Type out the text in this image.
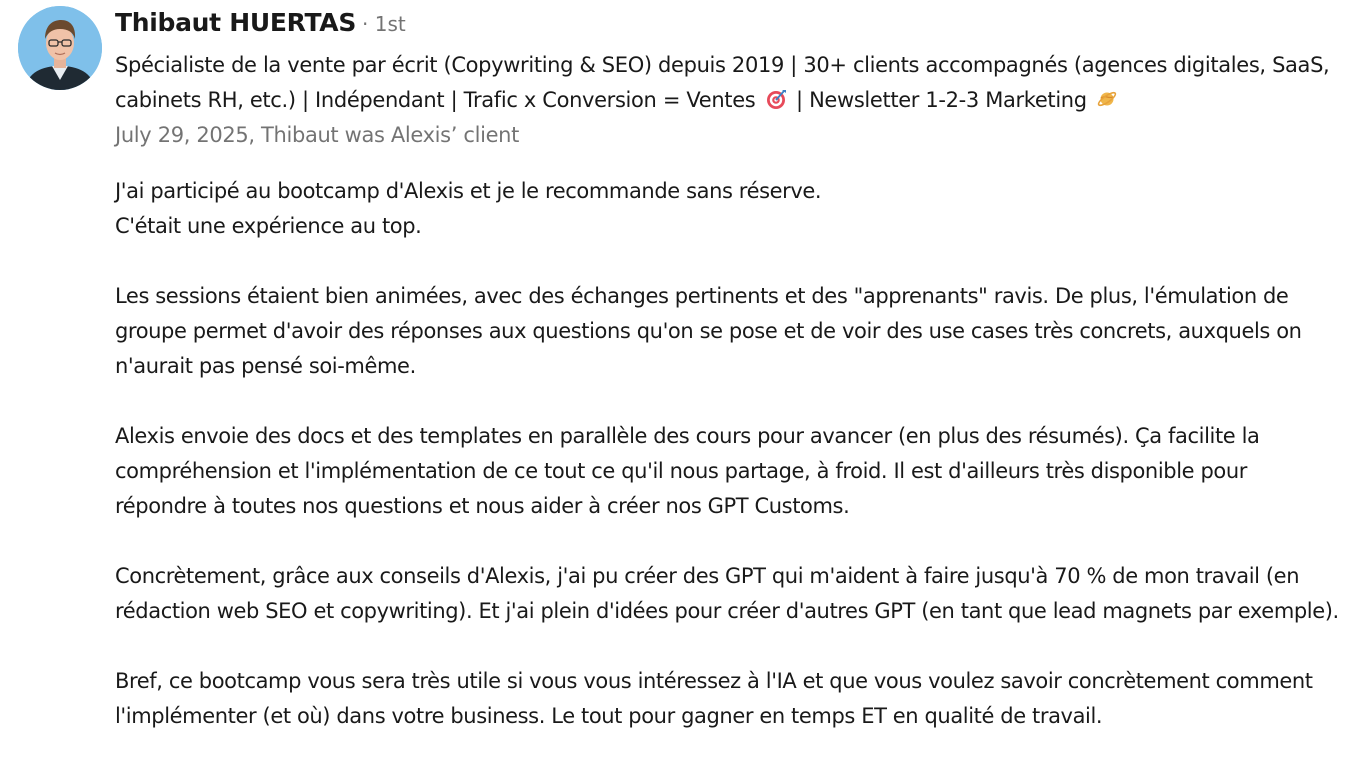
Thibaut HUERTAS · 1st
Spécialiste de la vente par écrit (Copywriting & SEO) depuis 2019 | 30+ clients accompagnés (agences digitales, SaaS, cabinets RH, etc.) | Indépendant | Trafic x Conversion = Ventes | Newsletter 1-2-3 Marketing
July 29, 2025, Thibaut was Alexis’ client

J'ai participé au bootcamp d'Alexis et je le recommande sans réserve.
C'était une expérience au top.

Les sessions étaient bien animées, avec des échanges pertinents et des "apprenants" ravis. De plus, l'émulation de groupe permet d'avoir des réponses aux questions qu'on se pose et de voir des use cases très concrets, auxquels on n'aurait pas pensé soi-même.

Alexis envoie des docs et des templates en parallèle des cours pour avancer (en plus des résumés). Ça facilite la compréhension et l'implémentation de ce tout ce qu'il nous partage, à froid. Il est d'ailleurs très disponible pour répondre à toutes nos questions et nous aider à créer nos GPT Customs.

Concrètement, grâce aux conseils d'Alexis, j'ai pu créer des GPT qui m'aident à faire jusqu'à 70 % de mon travail (en rédaction web SEO et copywriting). Et j'ai plein d'idées pour créer d'autres GPT (en tant que lead magnets par exemple).

Bref, ce bootcamp vous sera très utile si vous vous intéressez à l'IA et que vous voulez savoir concrètement comment l'implémenter (et où) dans votre business. Le tout pour gagner en temps ET en qualité de travail.
